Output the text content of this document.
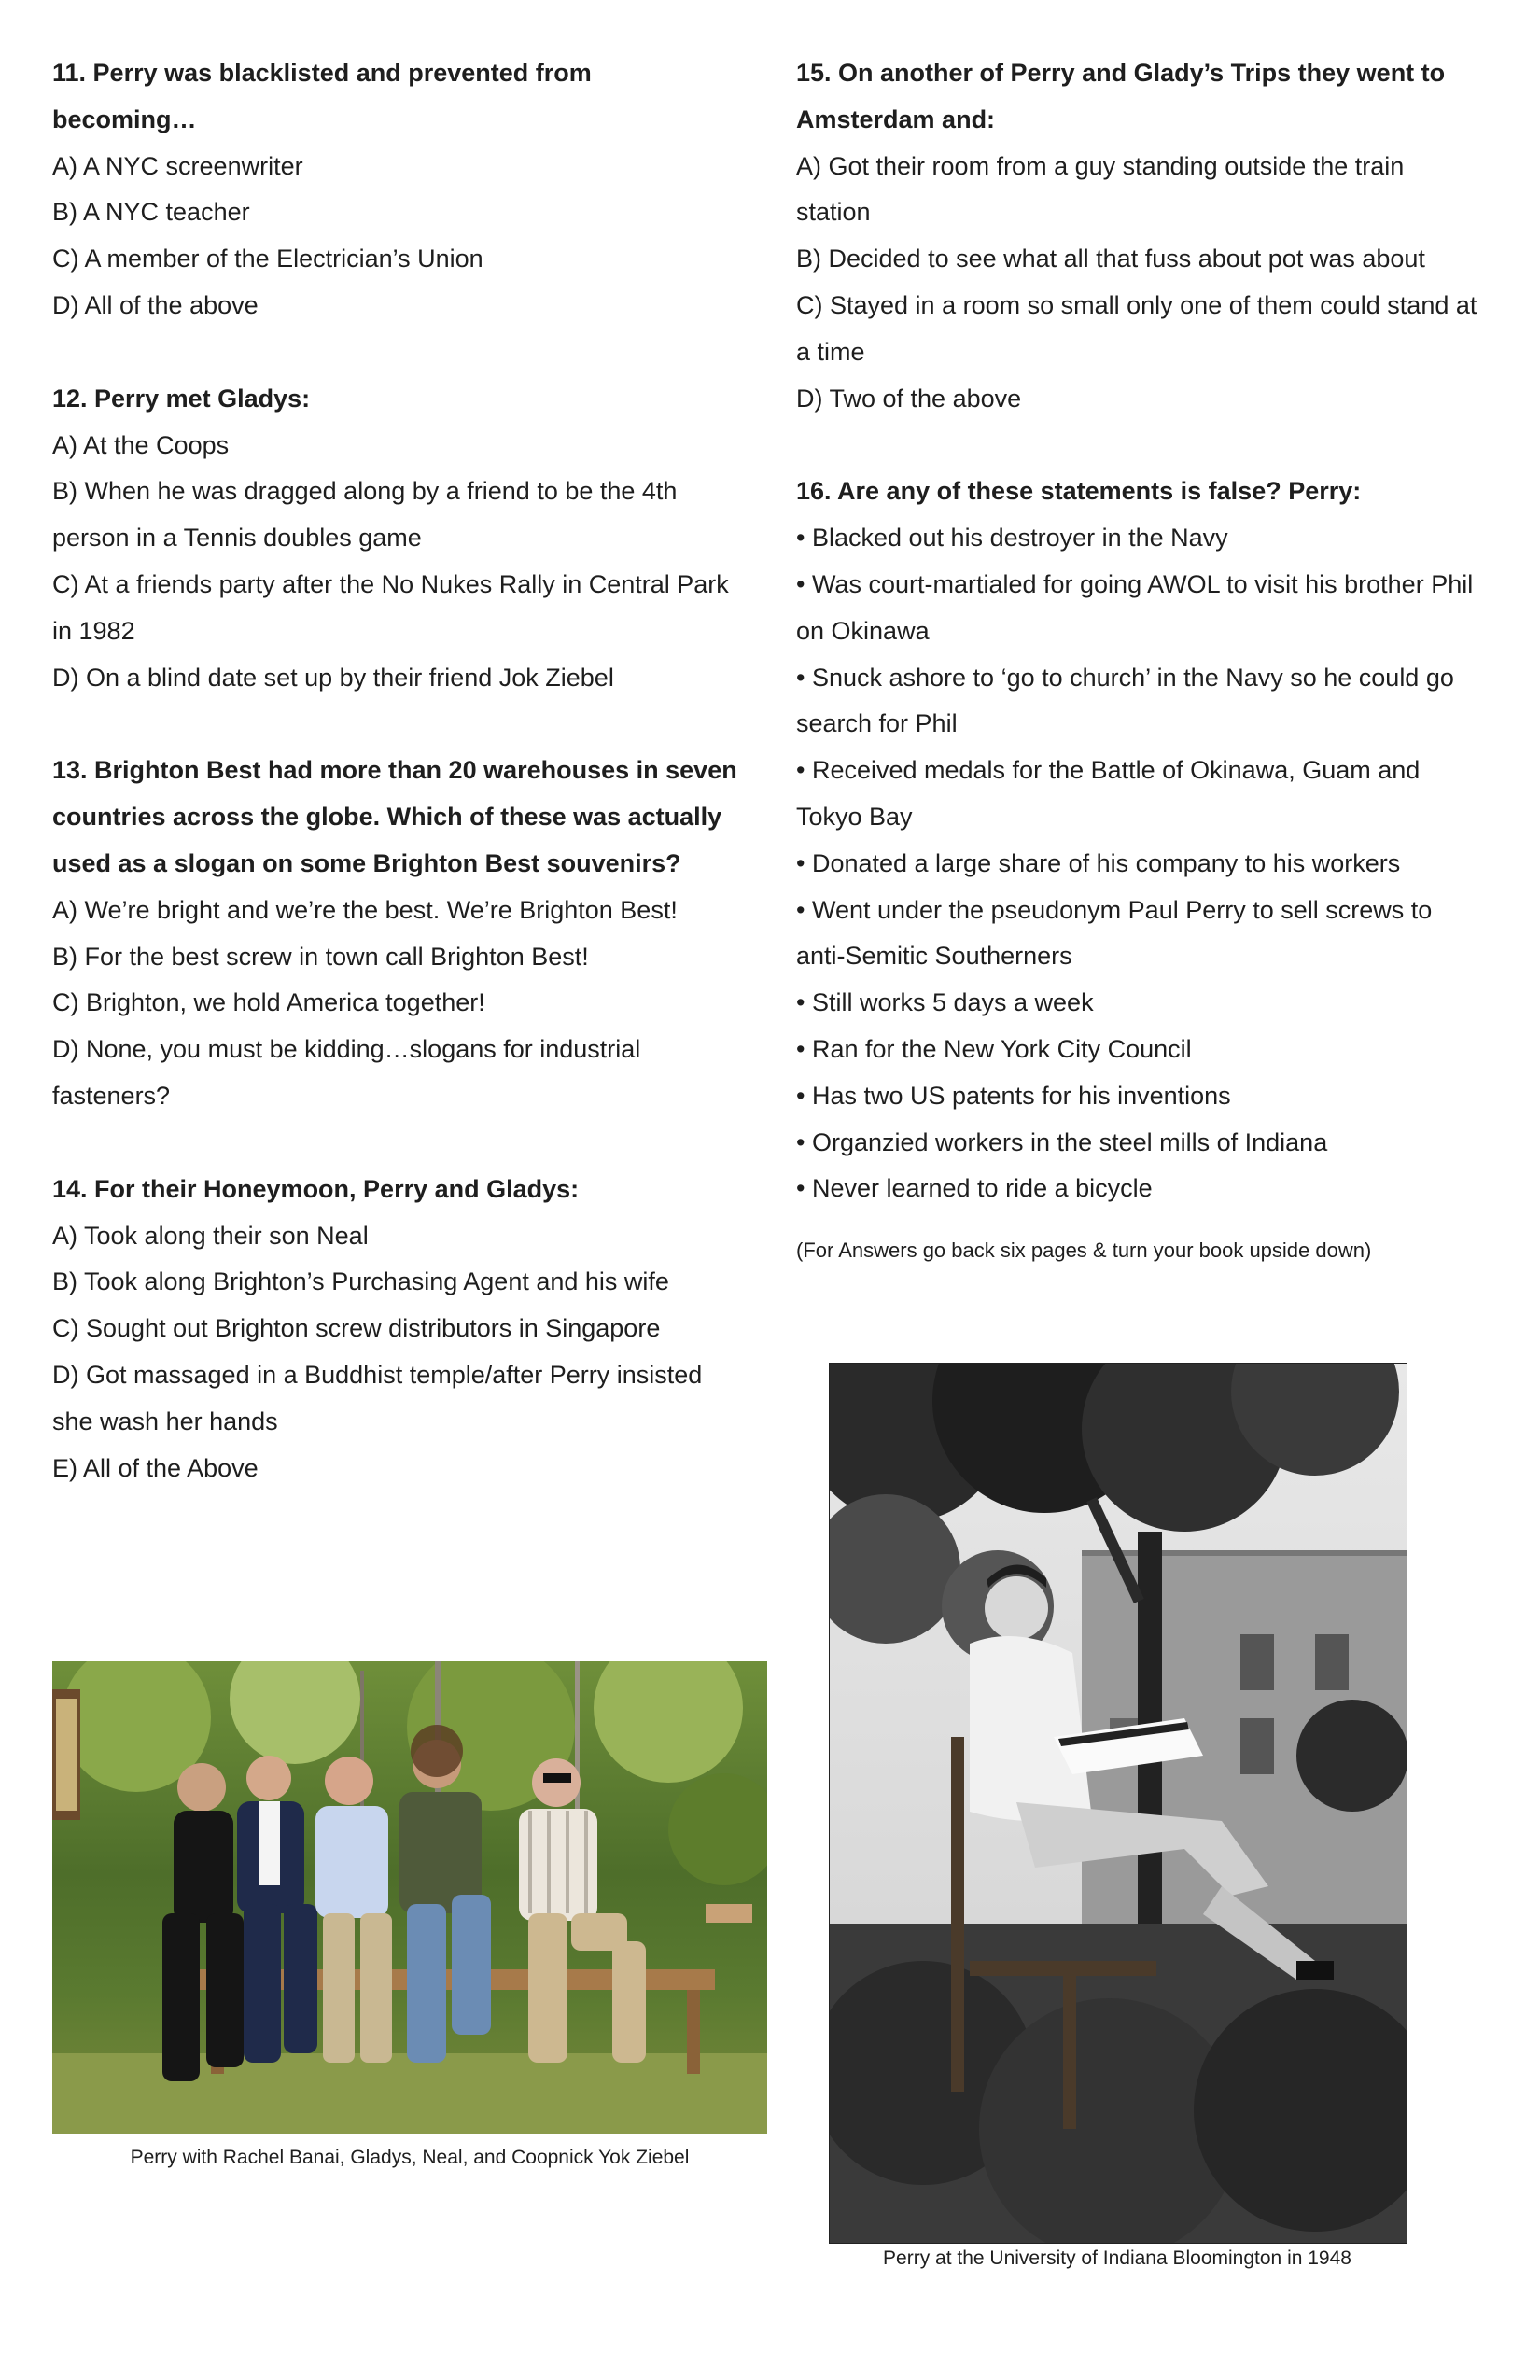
11. Perry was blacklisted and prevented from

becoming…

A) A NYC screenwriter

B) A NYC teacher

C) A member of the Electrician’s Union

D) All of the above

12. Perry met Gladys:

A) At the Coops

B) When he was dragged along by a friend to be the 4th

person in a Tennis doubles game

C) At a friends party after the No Nukes Rally in Central Park

in 1982

D) On a blind date set up by their friend Jok Ziebel

13. Brighton Best had more than 20 warehouses in seven

countries across the globe. Which of these was actually

used as a slogan on some Brighton Best souvenirs?

A) We’re bright and we’re the best. We’re Brighton Best!

B) For the best screw in town call Brighton Best!

C) Brighton, we hold America together!

D) None, you must be kidding…slogans for industrial

fasteners?

14. For their Honeymoon, Perry and Gladys:

A) Took along their son Neal

B) Took along Brighton’s Purchasing Agent and his wife

C) Sought out Brighton screw distributors in Singapore

D) Got massaged in a Buddhist temple/after Perry insisted

she wash her hands

E) All of the Above

15. On another of Perry and Glady’s Trips they went to

Amsterdam and:

A) Got their room from a guy standing outside the train

station

B) Decided to see what all that fuss about pot was about

C) Stayed in a room so small only one of them could stand at

a time

D) Two of the above

16. Are any of these statements is false? Perry:

• Blacked out his destroyer in the Navy

• Was court-martialed for going AWOL to visit his brother Phil

on Okinawa

• Snuck ashore to ‘go to church’ in the Navy so he could go

search for Phil

• Received medals for the Battle of Okinawa, Guam and

Tokyo Bay

• Donated a large share of his company to his workers

• Went under the pseudonym Paul Perry to sell screws to

anti-Semitic Southerners

• Still works 5 days a week

• Ran for the New York City Council

• Has two US patents for his inventions

• Organzied workers in the steel mills of Indiana

• Never learned to ride a bicycle

(For Answers go back six pages & turn your book upside down)

Perry with Rachel Banai, Gladys, Neal, and Coopnick Yok Ziebel
Perry at the University of Indiana Bloomington in 1948
